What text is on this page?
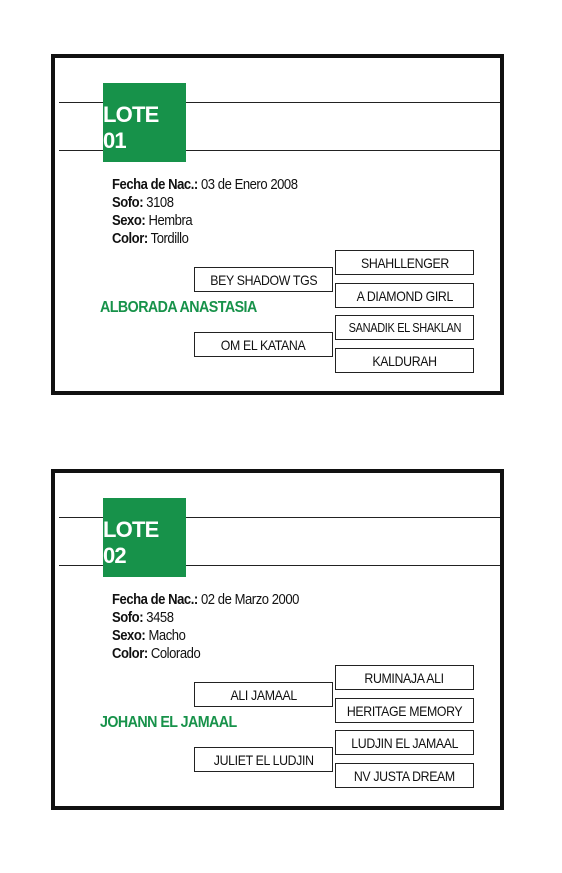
LOTE 01
Fecha de Nac.: 03 de Enero 2008
Sofo: 3108
Sexo: Hembra
Color: Tordillo
ALBORADA ANASTASIA
BEY SHADOW TGS
OM EL KATANA
SHAHLLENGER
A DIAMOND GIRL
SANADIK EL SHAKLAN
KALDURAH
LOTE 02
Fecha de Nac.: 02 de Marzo 2000
Sofo: 3458
Sexo: Macho
Color: Colorado
JOHANN EL JAMAAL
ALI JAMAAL
JULIET EL LUDJIN
RUMINAJA ALI
HERITAGE MEMORY
LUDJIN EL JAMAAL
NV JUSTA DREAM
